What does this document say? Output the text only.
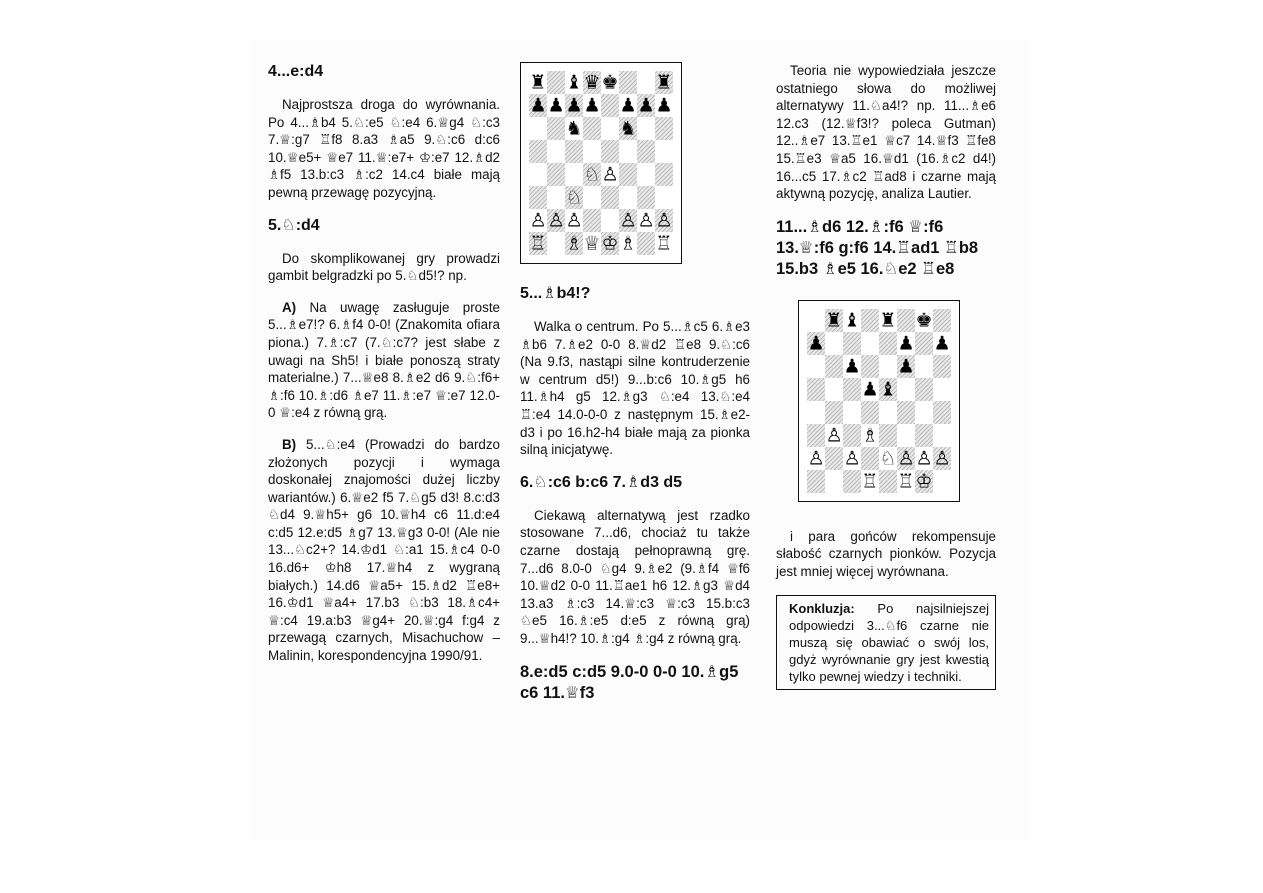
4...e:d4

Najprostsza droga do wyrównania. Po 4...♗b4 5.♘:e5 ♘:e4 6.♕g4 ♘:c3 7.♕:g7 ♖f8 8.a3 ♗a5 9.♘:c6 d:c6 10.♕e5+ ♕e7 11.♕:e7+ ♔:e7 12.♗d2 ♗f5 13.b:c3 ♗:c2 14.c4 białe mają pewną przewagę pozycyjną.

5.♘:d4

Do skomplikowanej gry prowadzi gambit belgradzki po 5.♘d5!? np.

A) Na uwagę zasługuje proste 5...♗e7!? 6.♗f4 0-0! (Znakomita ofiara piona.) 7.♗:c7 (7.♘:c7? jest słabe z uwagi na Sh5! i białe ponoszą straty materialne.) 7...♕e8 8.♗e2 d6 9.♘:f6+ ♗:f6 10.♗:d6 ♗e7 11.♗:e7 ♕:e7 12.0-0 ♕:e4 z równą grą.

B) 5...♘:e4 (Prowadzi do bardzo złożonych pozycji i wymaga doskonałej znajomości dużej liczby wariantów.) 6.♕e2 f5 7.♘g5 d3! 8.c:d3 ♘d4 9.♕h5+ g6 10.♕h4 c6 11.d:e4 c:d5 12.e:d5 ♗g7 13.♕g3 0-0! (Ale nie 13...♘c2+? 14.♔d1 ♘:a1 15.♗c4 0-0 16.d6+ ♔h8 17.♕h4 z wygraną białych.) 14.d6 ♕a5+ 15.♗d2 ♖e8+ 16.♔d1 ♕a4+ 17.b3 ♘:b3 18.♗c4+ ♕:c4 19.a:b3 ♕g4+ 20.♕:g4 f:g4 z przewagą czarnych, Misachuchow – Malinin, korespondencyjna 1990/91.

♜ ♝ ♛ ♚ ♜
♟ ♟ ♟ ♟ ♟ ♟ ♟
♞ ♞
♘ ♙
♘
♙ ♙ ♙ ♙ ♙ ♙
♖ ♗ ♕ ♔ ♗ ♖
5...♗b4!?

Walka o centrum. Po 5...♗c5 6.♗e3 ♗b6 7.♗e2 0-0 8.♕d2 ♖e8 9.♘:c6 (Na 9.f3, nastąpi silne kontruderzenie w centrum d5!) 9...b:c6 10.♗g5 h6 11.♗h4 g5 12.♗g3 ♘:e4 13.♘:e4 ♖:e4 14.0-0-0 z następnym 15.♗e2-d3 i po 16.h2-h4 białe mają za pionka silną inicjatywę.

6.♘:c6 b:c6 7.♗d3 d5

Ciekawą alternatywą jest rzadko stosowane 7...d6, chociaż tu także czarne dostają pełnoprawną grę. 7...d6 8.0-0 ♘g4 9.♗e2 (9.♗f4 ♕f6 10.♕d2 0-0 11.♖ae1 h6 12.♗g3 ♕d4 13.a3 ♗:c3 14.♕:c3 ♕:c3 15.b:c3 ♘e5 16.♗:e5 d:e5 z równą grą) 9...♕h4!? 10.♗:g4 ♗:g4 z równą grą.

8.e:d5 c:d5 9.0-0 0-0 10.♗g5 c6 11.♕f3

Teoria nie wypowiedziała jeszcze ostatniego słowa do możliwej alternatywy 11.♘a4!? np. 11...♗e6 12.c3 (12.♕f3!? poleca Gutman) 12..♗e7 13.♖e1 ♕c7 14.♕f3 ♖fe8 15.♖e3 ♕a5 16.♕d1 (16.♗c2 d4!) 16...c5 17.♗c2 ♖ad8 i czarne mają aktywną pozycję, analiza Lautier.

11...♗d6 12.♗:f6 ♕:f6 13.♕:f6 g:f6 14.♖ad1 ♖b8 15.b3 ♗e5 16.♘e2 ♖e8
♜ ♝ ♜ ♚
♟	♟ ♟
♟ ♟
♟ ♝
♙ ♗
♙ ♙ ♘ ♙ ♙ ♙
♖ ♖ ♔

i para gońców rekompensuje słabość czarnych pionków. Pozycja jest mniej więcej wyrównana.

Konkluzja: Po najsilniejszej odpowiedzi 3...♘f6 czarne nie muszą się obawiać o swój los, gdyż wyrównanie gry jest kwestią tylko pewnej wiedzy i techniki.
